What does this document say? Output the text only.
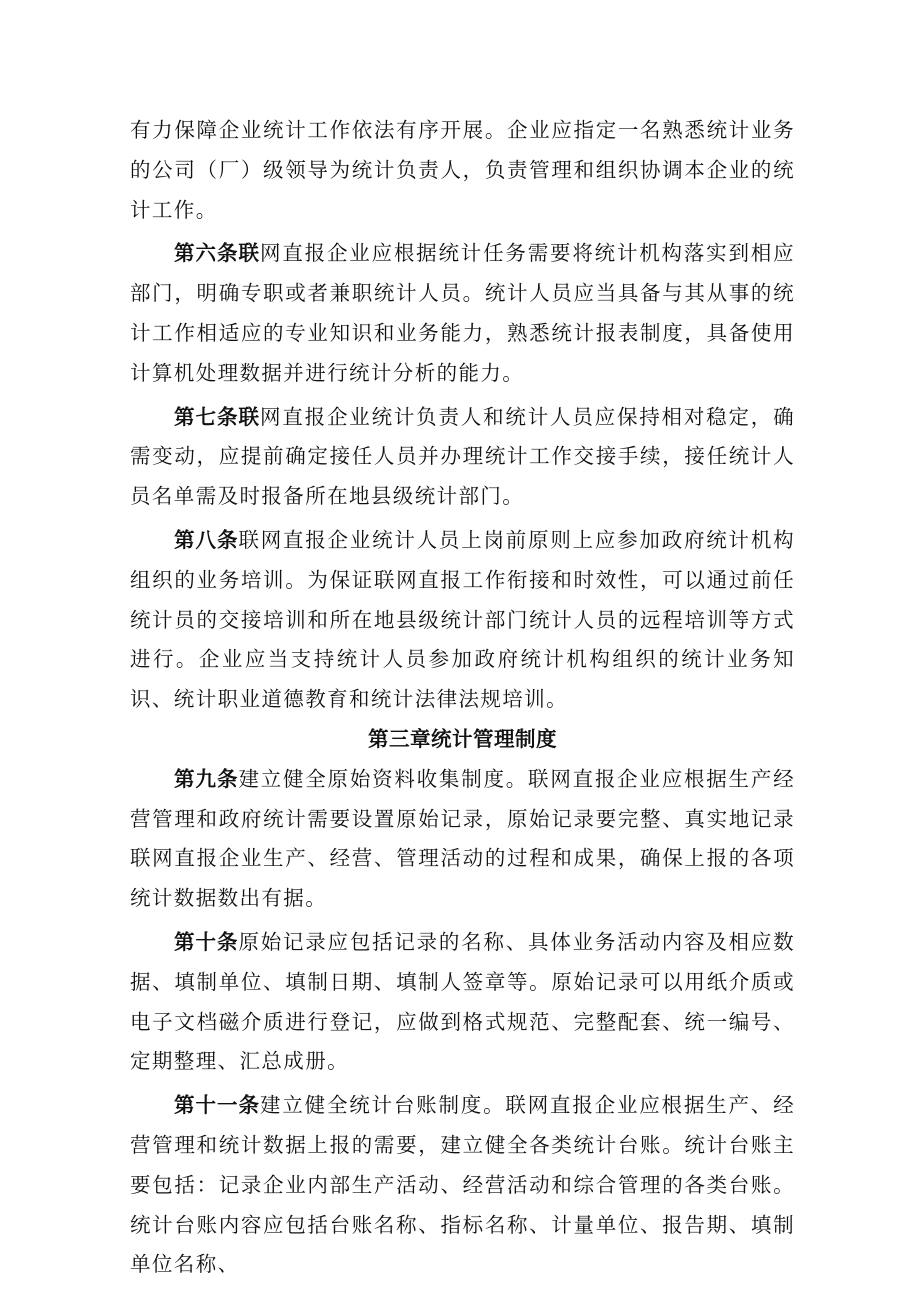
有力保障企业统计工作依法有序开展。企业应指定一名熟悉统计业务的公司（厂）级领导为统计负责人，负责管理和组织协调本企业的统计工作。

第六条联网直报企业应根据统计任务需要将统计机构落实到相应部门，明确专职或者兼职统计人员。统计人员应当具备与其从事的统计工作相适应的专业知识和业务能力，熟悉统计报表制度，具备使用计算机处理数据并进行统计分析的能力。

第七条联网直报企业统计负责人和统计人员应保持相对稳定，确需变动，应提前确定接任人员并办理统计工作交接手续，接任统计人员名单需及时报备所在地县级统计部门。

第八条联网直报企业统计人员上岗前原则上应参加政府统计机构组织的业务培训。为保证联网直报工作衔接和时效性，可以通过前任统计员的交接培训和所在地县级统计部门统计人员的远程培训等方式进行。企业应当支持统计人员参加政府统计机构组织的统计业务知识、统计职业道德教育和统计法律法规培训。

第三章统计管理制度

第九条建立健全原始资料收集制度。联网直报企业应根据生产经营管理和政府统计需要设置原始记录，原始记录要完整、真实地记录联网直报企业生产、经营、管理活动的过程和成果，确保上报的各项统计数据数出有据。

第十条原始记录应包括记录的名称、具体业务活动内容及相应数据、填制单位、填制日期、填制人签章等。原始记录可以用纸介质或电子文档磁介质进行登记，应做到格式规范、完整配套、统一编号、定期整理、汇总成册。

第十一条建立健全统计台账制度。联网直报企业应根据生产、经营管理和统计数据上报的需要，建立健全各类统计台账。统计台账主要包括：记录企业内部生产活动、经营活动和综合管理的各类台账。统计台账内容应包括台账名称、指标名称、计量单位、报告期、填制单位名称、
